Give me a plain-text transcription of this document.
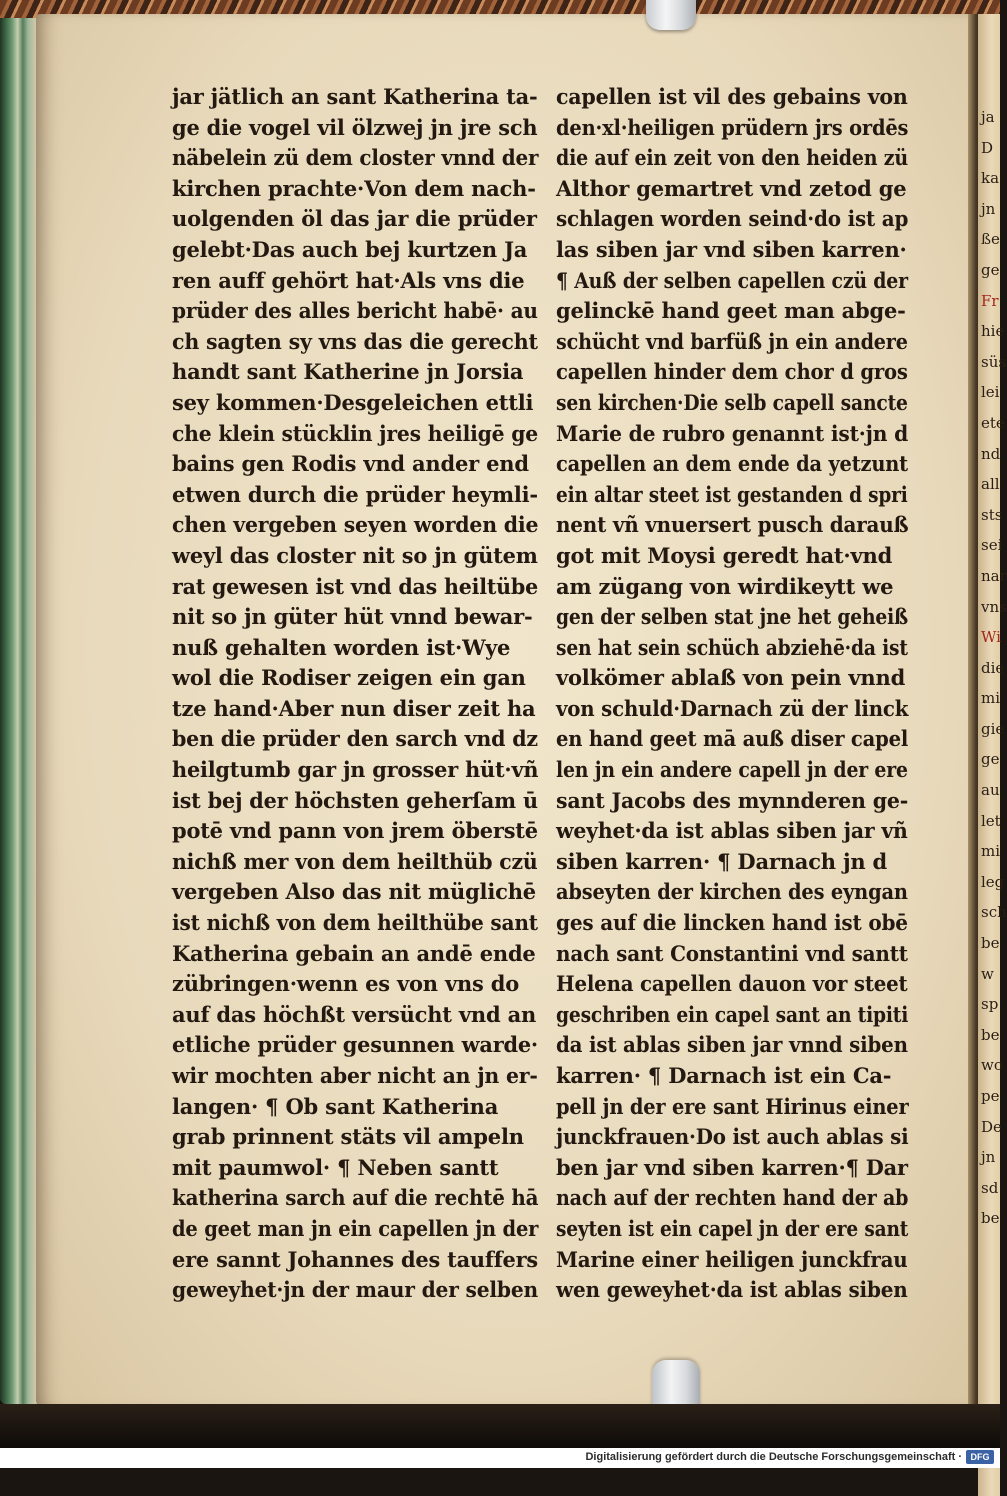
ja
D
ka
jn
ße
ge
Fr
hie
süs
lei
ete
nd
all
sts
sei
nar
vns
Wi
die
mi
gie
ge
au
let
mi
leg
sch
be
w
sp
be
wo
pe
De
jn
sd
be
jar jätlich an sant Katherina ta-
ge die vogel vil ölzwej jn jre sch
näbelein zü dem closter vnnd der
kirchen prachte·Von dem nach-
uolgenden öl das jar die prüder
gelebt·Das auch bej kurtzen Ja
ren auff gehört hat·Als vns die
prüder des alles bericht habē· au
ch sagten sy vns das die gerecht
handt sant Katherine jn Jorsia
sey kommen·Desgeleichen ettli
che klein stücklin jres heiligē ge
bains gen Rodis vnd ander end
etwen durch die prüder heymli-
chen vergeben seyen worden die
weyl das closter nit so jn gütem
rat gewesen ist vnd das heiltübe
nit so jn güter hüt vnnd bewar-
nuß gehalten worden ist·Wye
wol die Rodiser zeigen ein gan
tze hand·Aber nun diser zeit ha
ben die prüder den sarch vnd dz
heilgtumb gar jn grosser hüt·vñ
ist bej der höchsten geherſam ū
potē vnd pann von jrem öberstē
nichß mer von dem heilthüb czü
vergeben Also das nit müglichē
ist nichß von dem heilthübe sant
Katherina gebain an andē ende
zübringen·wenn es von vns do
auf das höchßt versücht vnd an
etliche prüder gesunnen warde·
wir mochten aber nicht an jn er-
langen· ¶ Ob sant Katherina
grab prinnent stäts vil ampeln
mit paumwol· ¶ Neben santt
katherina sarch auf die rechtē hā
de geet man jn ein capellen jn der
ere sannt Johannes des tauffers
geweyhet·jn der maur der selben
capellen ist vil des gebains von
den·xl·heiligen prüdern jrs ordēs
die auf ein zeit von den heiden zü
Althor gemartret vnd zetod ge
schlagen worden seind·do ist ap
las siben jar vnd siben karren·
¶ Auß der selben capellen czü der
gelinckē hand geet man abge-
schücht vnd barfüß jn ein andere
capellen hinder dem chor d gros
sen kirchen·Die selb capell sancte
Marie de rubro genannt ist·jn d
capellen an dem ende da yetzunt
ein altar steet ist gestanden d spri
nent vñ vnuersert pusch darauß
got mit Moysi geredt hat·vnd
am zügang von wirdikeytt we
gen der selben stat jne het geheiß
sen hat sein schüch abziehē·da ist
volkömer ablaß von pein vnnd
von schuld·Darnach zü der linck
en hand geet mā auß diser capel
len jn ein andere capell jn der ere
sant Jacobs des mynnderen ge-
weyhet·da ist ablas siben jar vñ
siben karren· ¶ Darnach jn d
abseyten der kirchen des eyngan
ges auf die lincken hand ist obē
nach sant Constantini vnd santt
Helena capellen dauon vor steet
geschriben ein capel sant an tipiti
da ist ablas siben jar vnnd siben
karren· ¶ Darnach ist ein Ca-
pell jn der ere sant Hirinus einer
junckfrauen·Do ist auch ablas si
ben jar vnd siben karren·¶ Dar
nach auf der rechten hand der ab
seyten ist ein capel jn der ere sant
Marine einer heiligen junckfrau
wen geweyhet·da ist ablas siben
Digitalisierung gefördert durch die Deutsche Forschungsgemeinschaft · DFG
